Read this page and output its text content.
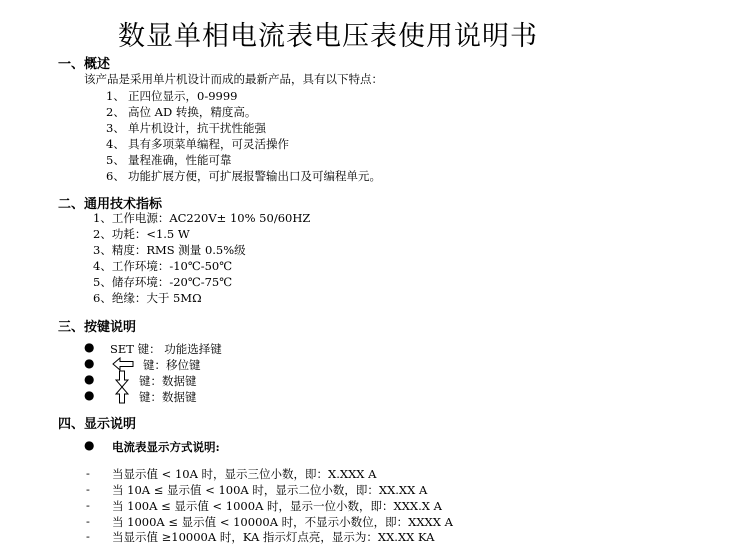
数显单相电流表电压表使用说明书
一、概述
该产品是采用单片机设计而成的最新产品，具有以下特点：
1、 正四位显示，0-9999
2、 高位 AD 转换，精度高。
3、 单片机设计，抗干扰性能强
4、 具有多项菜单编程，可灵活操作
5、 量程准确，性能可靠
6、 功能扩展方便，可扩展报警输出口及可编程单元。
二、通用技术指标
1、工作电源：AC220V± 10% 50/60HZ
2、功耗：<1.5 W
3、精度：RMS 测量 0.5%级
4、工作环境：-10℃-50℃
5、储存环境：-20℃-75℃
6、绝缘：大于 5MΩ
三、按键说明
● SET 键： 功能选择键
●	键：移位键
●	键：数据键
●	键：数据键
四、显示说明
● 电流表显示方式说明:
- 当显示值 < 10A 时，显示三位小数，即：X.XXX A
- 当 10A ≤ 显示值 < 100A 时，显示二位小数，即：XX.XX A
- 当 100A ≤ 显示值 < 1000A 时，显示一位小数，即：XXX.X A
- 当 1000A ≤ 显示值 < 10000A 时，不显示小数位，即：XXXX A
- 当显示值 ≥10000A 时，KA 指示灯点亮，显示为：XX.XX KA
